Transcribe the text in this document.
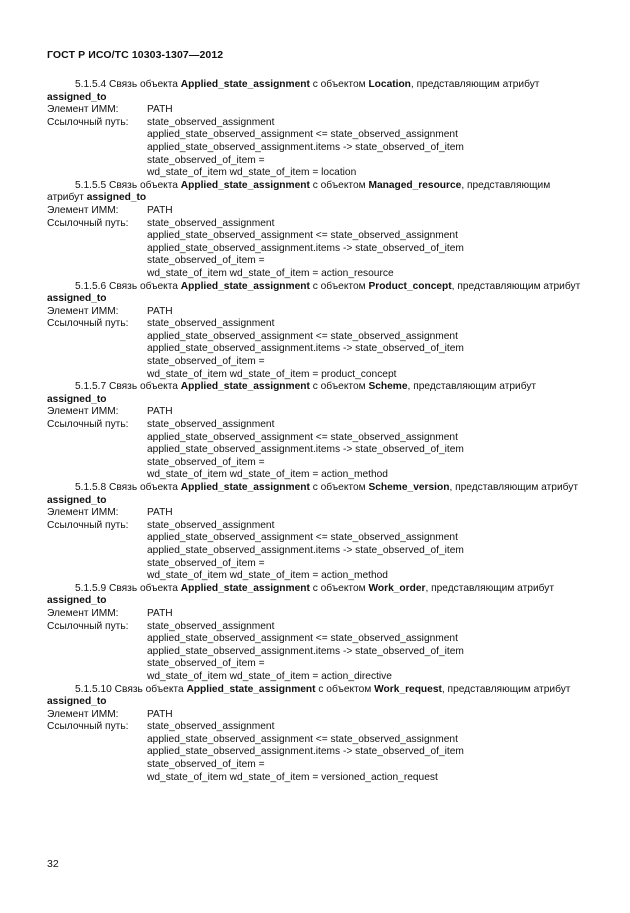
ГОСТ Р ИСО/ТС 10303-1307—2012

5.1.5.4 Связь объекта Applied_state_assignment с объектом Location, представляющим атрибут assigned_to

Элемент ИММ:	PATH
Ссылочный путь:	state_observed_assignment
applied_state_observed_assignment <= state_observed_assignment
applied_state_observed_assignment.items -> state_observed_of_item
state_observed_of_item =
wd_state_of_item wd_state_of_item = location

5.1.5.5 Связь объекта Applied_state_assignment с объектом Managed_resource, представляющим атрибут assigned_to

Элемент ИММ:	PATH
Ссылочный путь:	state_observed_assignment
applied_state_observed_assignment <= state_observed_assignment
applied_state_observed_assignment.items -> state_observed_of_item
state_observed_of_item =
wd_state_of_item wd_state_of_item = action_resource

5.1.5.6 Связь объекта Applied_state_assignment с объектом Product_concept, представляющим атрибут assigned_to

Элемент ИММ:	PATH
Ссылочный путь:	state_observed_assignment
applied_state_observed_assignment <= state_observed_assignment
applied_state_observed_assignment.items -> state_observed_of_item
state_observed_of_item =
wd_state_of_item wd_state_of_item = product_concept

5.1.5.7 Связь объекта Applied_state_assignment с объектом Scheme, представляющим атрибут assigned_to

Элемент ИММ:	PATH
Ссылочный путь:	state_observed_assignment
applied_state_observed_assignment <= state_observed_assignment
applied_state_observed_assignment.items -> state_observed_of_item
state_observed_of_item =
wd_state_of_item wd_state_of_item = action_method

5.1.5.8 Связь объекта Applied_state_assignment с объектом Scheme_version, представляющим атрибут assigned_to

Элемент ИММ:	PATH
Ссылочный путь:	state_observed_assignment
applied_state_observed_assignment <= state_observed_assignment
applied_state_observed_assignment.items -> state_observed_of_item
state_observed_of_item =
wd_state_of_item wd_state_of_item = action_method

5.1.5.9 Связь объекта Applied_state_assignment с объектом Work_order, представляющим атрибут assigned_to

Элемент ИММ:	PATH
Ссылочный путь:	state_observed_assignment
applied_state_observed_assignment <= state_observed_assignment
applied_state_observed_assignment.items -> state_observed_of_item
state_observed_of_item =
wd_state_of_item wd_state_of_item = action_directive

5.1.5.10 Связь объекта Applied_state_assignment с объектом Work_request, представляющим атрибут assigned_to

Элемент ИММ:	PATH
Ссылочный путь:	state_observed_assignment
applied_state_observed_assignment <= state_observed_assignment
applied_state_observed_assignment.items -> state_observed_of_item
state_observed_of_item =
wd_state_of_item wd_state_of_item = versioned_action_request
32
